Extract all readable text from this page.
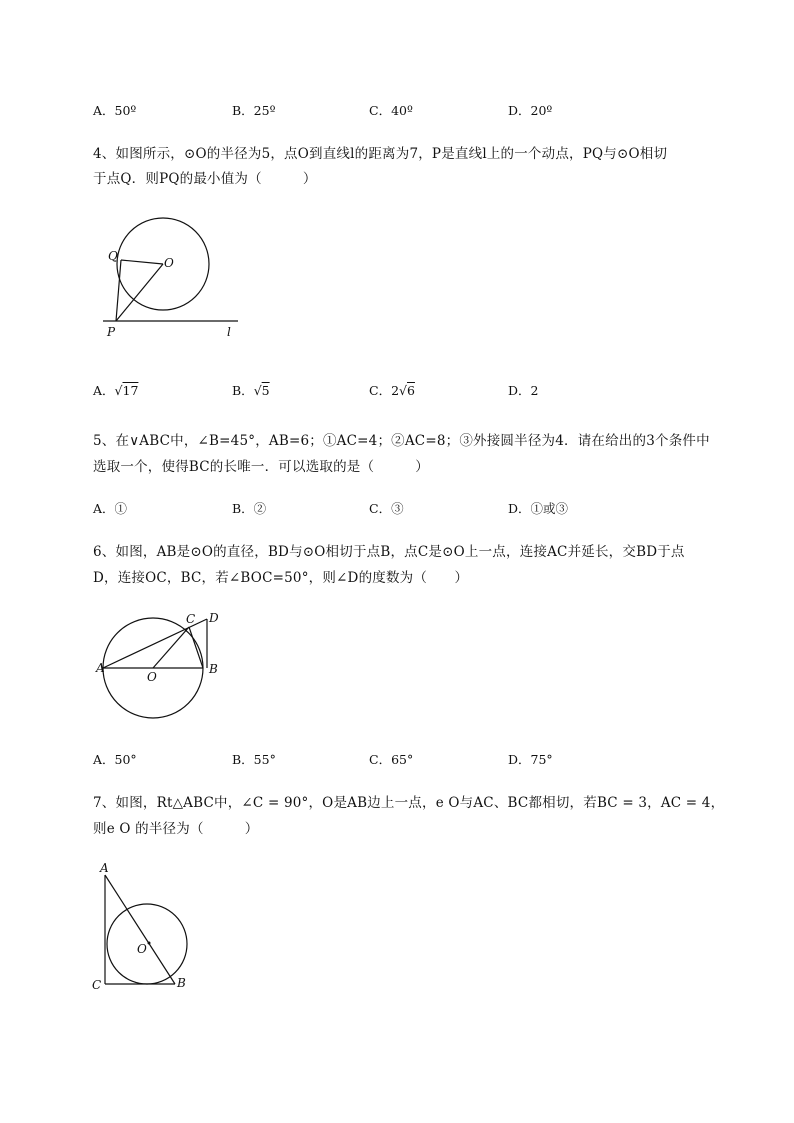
A．50º	B．25º	C．40º	D．20º
4、如图所示，⊙O的半径为5，点O到直线l的距离为7，P是直线l上的一个动点，PQ与⊙O相切
于点Q．则PQ的最小值为（　　　）
Q	O
P	l
A．√17	B．√5	C．2√6	D．2
5、在∨ABC中，∠B=45°，AB=6；①AC=4；②AC=8；③外接圆半径为4．请在给出的3个条件中
选取一个，使得BC的长唯一．可以选取的是（　　　）
A．①	B．②	C．③	D．①或③
6、如图，AB是⊙O的直径，BD与⊙O相切于点B，点C是⊙O上一点，连接AC并延长，交BD于点
D，连接OC，BC，若∠BOC=50°，则∠D的度数为（　　）
A	B
C D
O
A．50°	B．55°	C．65°	D．75°
7、如图，Rt△ABC中，∠C = 90°，O是AB边上一点，e O与AC、BC都相切，若BC = 3，AC = 4，
则e O 的半径为（　　　）
A
B
C
O
